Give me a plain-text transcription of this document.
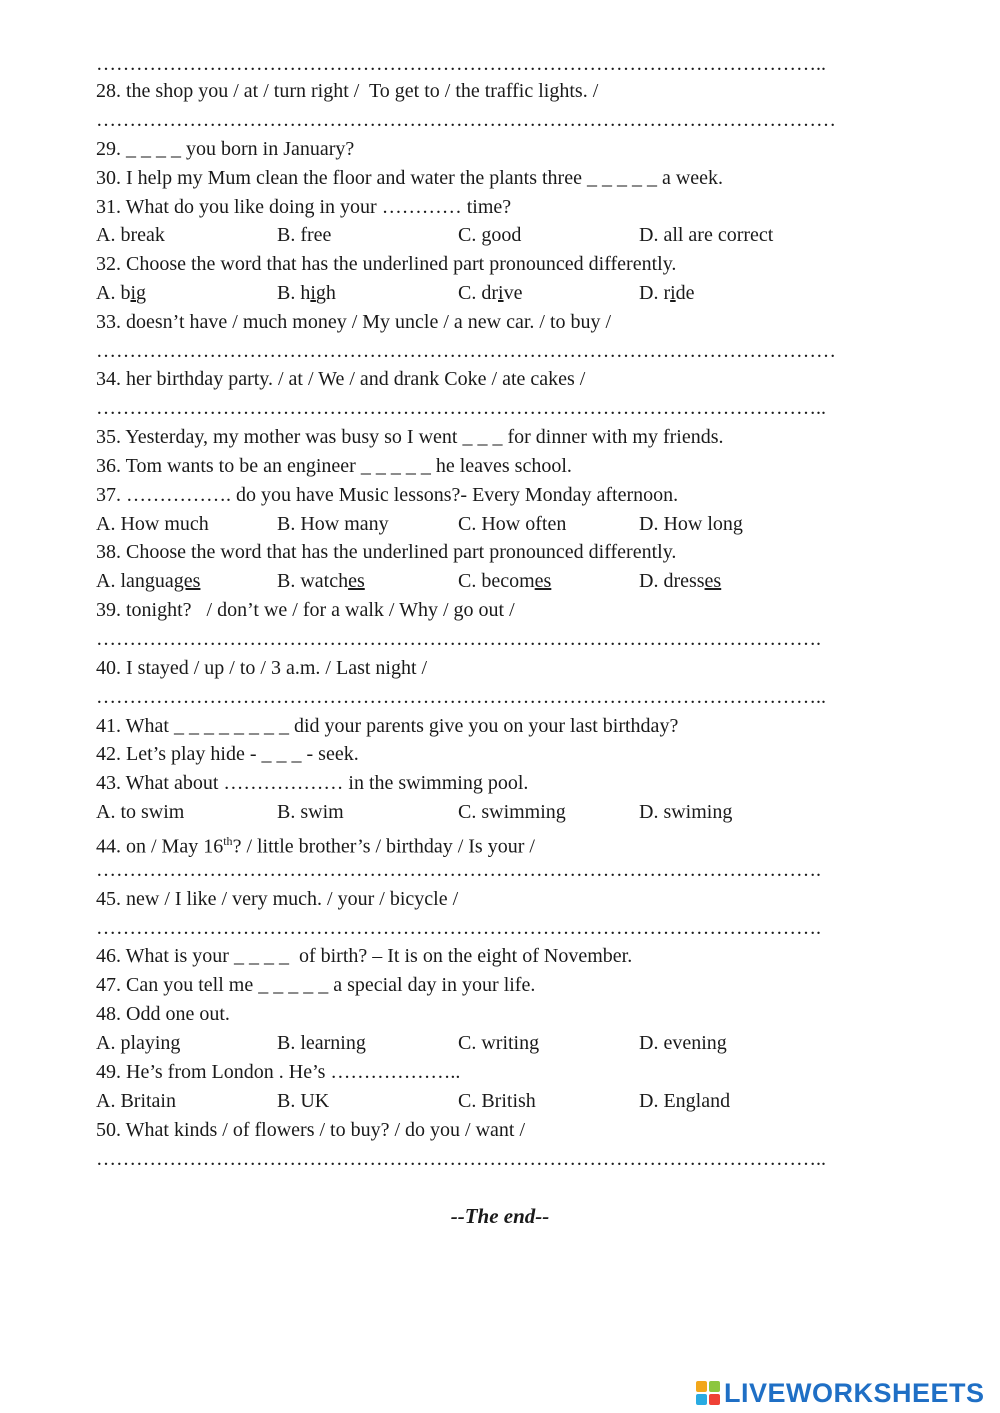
………………………………………………………………………………………………..
28. the shop you / at / turn right /  To get to / the traffic lights. /
…………………………………………………………………………………………………
29. _ _ _ _ you born in January?
30. I help my Mum clean the floor and water the plants three _ _ _ _ _ a week.
31. What do you like doing in your ………… time?
A. break	B. free	C. good	D. all are correct
32. Choose the word that has the underlined part pronounced differently.
A. big	B. high	C. drive	D. ride
33. doesn’t have / much money / My uncle / a new car. / to buy /
…………………………………………………………………………………………………
34. her birthday party. / at / We / and drank Coke / ate cakes /
………………………………………………………………………………………………..
35. Yesterday, my mother was busy so I went _ _ _ for dinner with my friends.
36. Tom wants to be an engineer _ _ _ _ _ he leaves school.
37. ……………. do you have Music lessons?- Every Monday afternoon.
A. How much	B. How many	C. How often	D. How long
38. Choose the word that has the underlined part pronounced differently.
A. languages	B. watches	C. becomes	D. dresses
39. tonight?   / don’t we / for a walk / Why / go out /
……………………………………………………………………………………………….
40. I stayed / up / to / 3 a.m. / Last night /
………………………………………………………………………………………………..
41. What _ _ _ _ _ _ _ _ did your parents give you on your last birthday?
42. Let’s play hide - _ _ _ - seek.
43. What about ……………… in the swimming pool.
A. to swim	B. swim	C. swimming	D. swiming
44. on / May 16th? / little brother’s / birthday / Is your /
……………………………………………………………………………………………….
45. new / I like / very much. / your / bicycle /
……………………………………………………………………………………………….
46. What is your _ _ _ _  of birth? – It is on the eight of November.
47. Can you tell me _ _ _ _ _ a special day in your life.
48. Odd one out.
A. playing	B. learning	C. writing	D. evening
49. He’s from London . He’s ………………..
A. Britain	B. UK	C. British	D. England
50. What kinds / of flowers / to buy? / do you / want /
………………………………………………………………………………………………..
--The end--
LIVEWORKSHEETS
